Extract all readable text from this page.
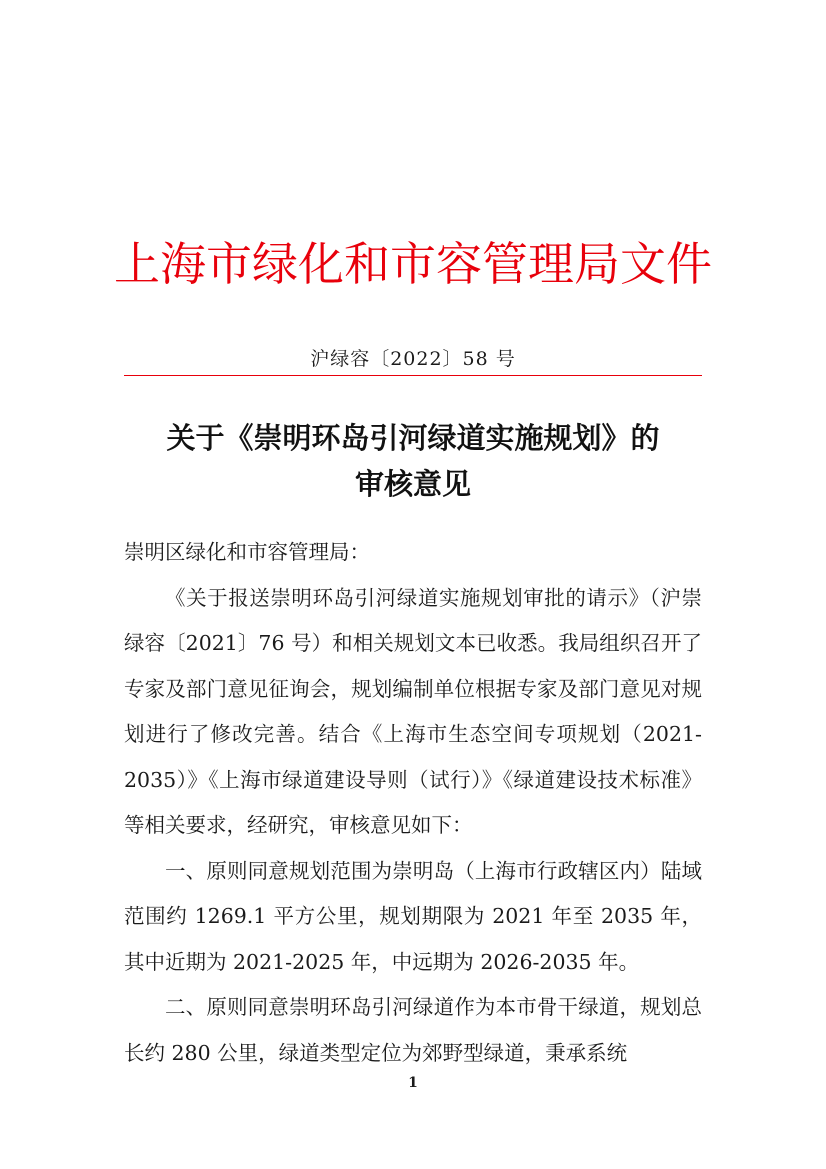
上海市绿化和市容管理局文件
沪绿容〔2022〕58 号
关于《崇明环岛引河绿道实施规划》的
审核意见

崇明区绿化和市容管理局：

《关于报送崇明环岛引河绿道实施规划审批的请示》（沪崇绿容〔2021〕76 号）和相关规划文本已收悉。我局组织召开了专家及部门意见征询会，规划编制单位根据专家及部门意见对规划进行了修改完善。结合《上海市生态空间专项规划（2021-2035）》《上海市绿道建设导则（试行）》《绿道建设技术标准》等相关要求，经研究，审核意见如下：

一、原则同意规划范围为崇明岛（上海市行政辖区内）陆域范围约 1269.1 平方公里，规划期限为 2021 年至 2035 年，其中近期为 2021-2025 年，中远期为 2026-2035 年。

二、原则同意崇明环岛引河绿道作为本市骨干绿道，规划总长约 280 公里，绿道类型定位为郊野型绿道，秉承系统

1
